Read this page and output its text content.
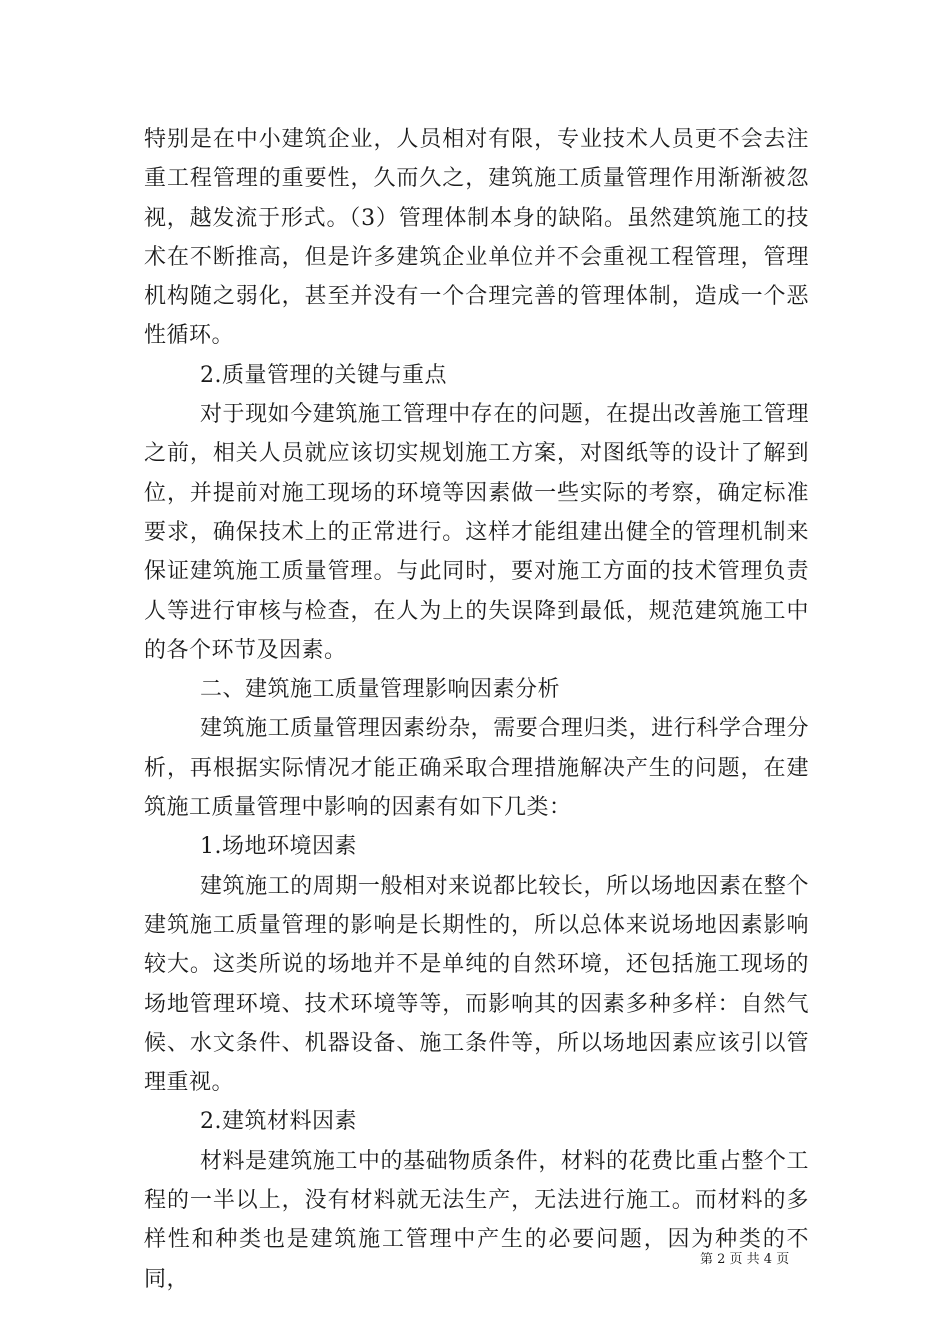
特别是在中小建筑企业，人员相对有限，专业技术人员更不会去注重工程管理的重要性，久而久之，建筑施工质量管理作用渐渐被忽视，越发流于形式。（3）管理体制本身的缺陷。虽然建筑施工的技术在不断推高，但是许多建筑企业单位并不会重视工程管理，管理机构随之弱化，甚至并没有一个合理完善的管理体制，造成一个恶性循环。

2.质量管理的关键与重点

对于现如今建筑施工管理中存在的问题，在提出改善施工管理之前，相关人员就应该切实规划施工方案，对图纸等的设计了解到位，并提前对施工现场的环境等因素做一些实际的考察，确定标准要求，确保技术上的正常进行。这样才能组建出健全的管理机制来保证建筑施工质量管理。与此同时，要对施工方面的技术管理负责人等进行审核与检查，在人为上的失误降到最低，规范建筑施工中的各个环节及因素。

二、建筑施工质量管理影响因素分析

建筑施工质量管理因素纷杂，需要合理归类，进行科学合理分析，再根据实际情况才能正确采取合理措施解决产生的问题，在建筑施工质量管理中影响的因素有如下几类：

1.场地环境因素

建筑施工的周期一般相对来说都比较长，所以场地因素在整个建筑施工质量管理的影响是长期性的，所以总体来说场地因素影响较大。这类所说的场地并不是单纯的自然环境，还包括施工现场的场地管理环境、技术环境等等，而影响其的因素多种多样：自然气候、水文条件、机器设备、施工条件等，所以场地因素应该引以管理重视。

2.建筑材料因素

材料是建筑施工中的基础物质条件，材料的花费比重占整个工程的一半以上，没有材料就无法生产，无法进行施工。而材料的多样性和种类也是建筑施工管理中产生的必要问题，因为种类的不同，

第 2 页 共 4 页
